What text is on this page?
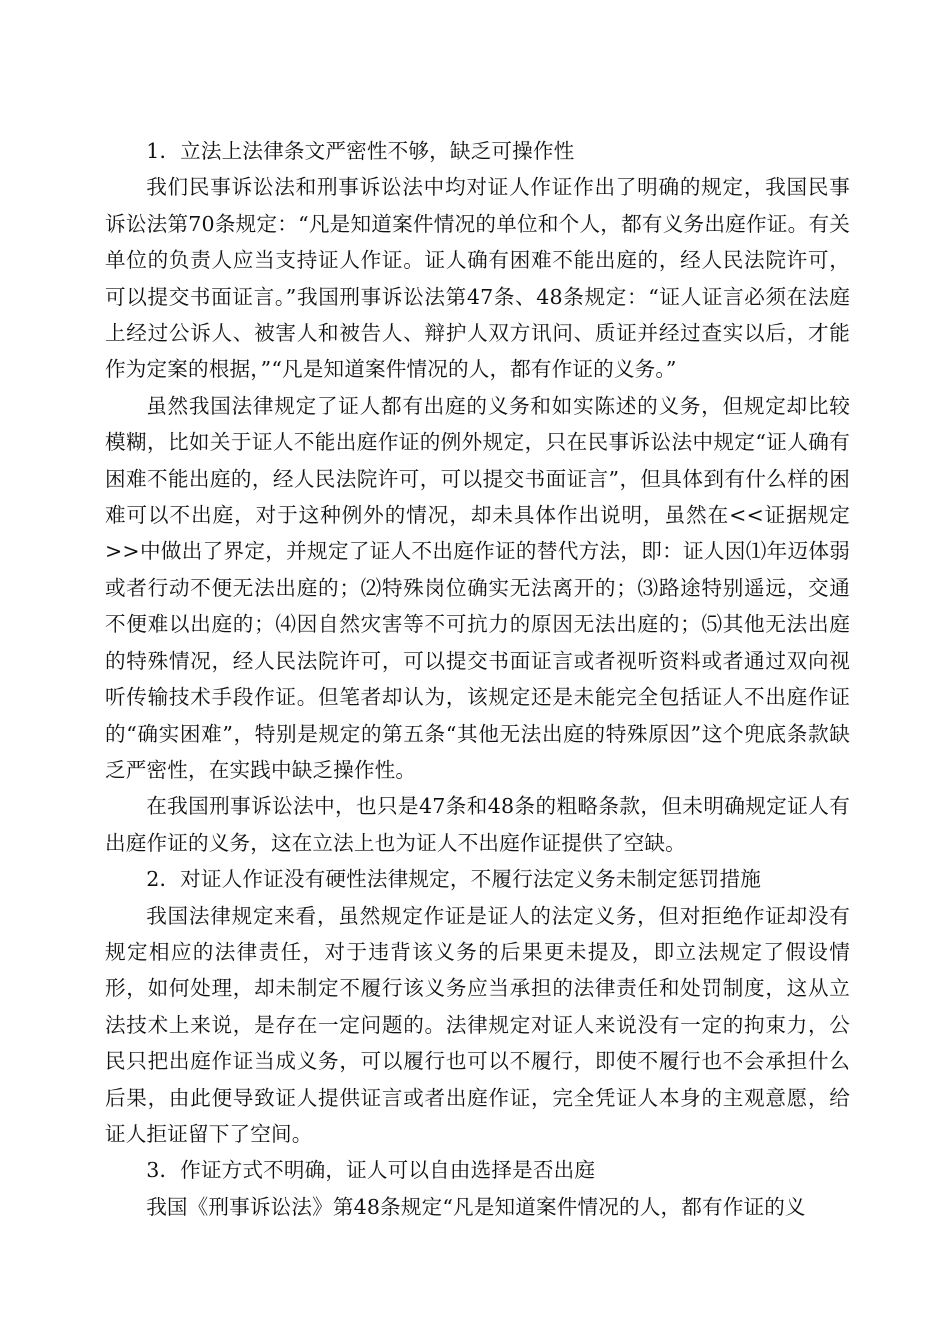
1．立法上法律条文严密性不够，缺乏可操作性

我们民事诉讼法和刑事诉讼法中均对证人作证作出了明确的规定，我国民事诉讼法第70条规定：“凡是知道案件情况的单位和个人，都有义务出庭作证。有关单位的负责人应当支持证人作证。证人确有困难不能出庭的，经人民法院许可，可以提交书面证言。”我国刑事诉讼法第47条、48条规定：“证人证言必须在法庭上经过公诉人、被害人和被告人、辩护人双方讯问、质证并经过查实以后，才能作为定案的根据，”“凡是知道案件情况的人，都有作证的义务。”

虽然我国法律规定了证人都有出庭的义务和如实陈述的义务，但规定却比较模糊，比如关于证人不能出庭作证的例外规定，只在民事诉讼法中规定“证人确有困难不能出庭的，经人民法院许可，可以提交书面证言”，但具体到有什么样的困难可以不出庭，对于这种例外的情况，却未具体作出说明，虽然在<<证据规定>>中做出了界定，并规定了证人不出庭作证的替代方法，即：证人因⑴年迈体弱或者行动不便无法出庭的；⑵特殊岗位确实无法离开的；⑶路途特别遥远，交通不便难以出庭的；⑷因自然灾害等不可抗力的原因无法出庭的；⑸其他无法出庭的特殊情况，经人民法院许可，可以提交书面证言或者视听资料或者通过双向视听传输技术手段作证。但笔者却认为，该规定还是未能完全包括证人不出庭作证的“确实困难”，特别是规定的第五条“其他无法出庭的特殊原因”这个兜底条款缺乏严密性，在实践中缺乏操作性。

在我国刑事诉讼法中，也只是47条和48条的粗略条款，但未明确规定证人有出庭作证的义务，这在立法上也为证人不出庭作证提供了空缺。

2．对证人作证没有硬性法律规定，不履行法定义务未制定惩罚措施

我国法律规定来看，虽然规定作证是证人的法定义务，但对拒绝作证却没有规定相应的法律责任，对于违背该义务的后果更未提及，即立法规定了假设情形，如何处理，却未制定不履行该义务应当承担的法律责任和处罚制度，这从立法技术上来说，是存在一定问题的。法律规定对证人来说没有一定的拘束力，公民只把出庭作证当成义务，可以履行也可以不履行，即使不履行也不会承担什么后果，由此便导致证人提供证言或者出庭作证，完全凭证人本身的主观意愿，给证人拒证留下了空间。

3．作证方式不明确，证人可以自由选择是否出庭

我国《刑事诉讼法》第48条规定“凡是知道案件情况的人，都有作证的义
